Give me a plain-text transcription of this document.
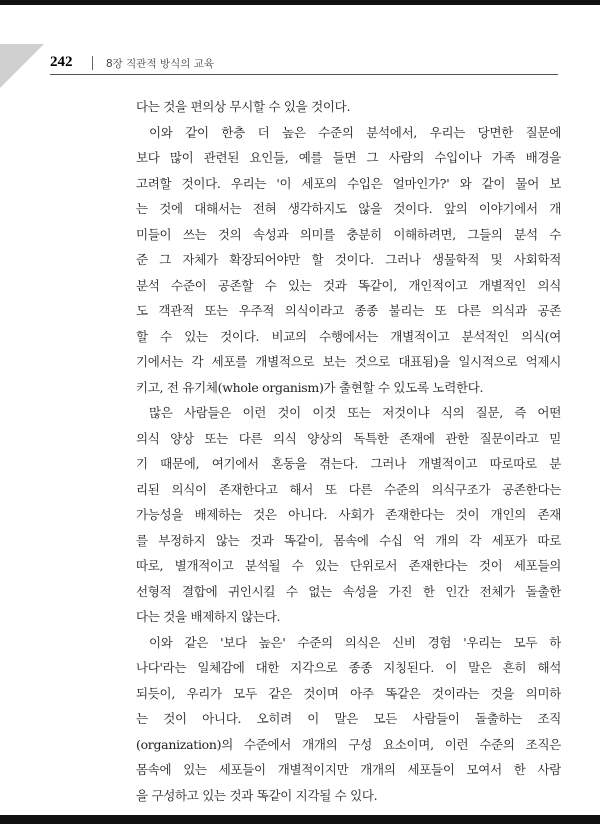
242	8장 직관적 방식의 교육
다는 것을 편의상 무시할 수 있을 것이다.
이와 같이 한층 더 높은 수준의 분석에서, 우리는 당면한 질문에
보다 많이 관련된 요인들, 예를 들면 그 사람의 수입이나 가족 배경을
고려할 것이다. 우리는 '이 세포의 수입은 얼마인가?' 와 같이 물어 보
는 것에 대해서는 전혀 생각하지도 않을 것이다. 앞의 이야기에서 개
미들이 쓰는 것의 속성과 의미를 충분히 이해하려면, 그들의 분석 수
준 그 자체가 확장되어야만 할 것이다. 그러나 생물학적 및 사회학적
분석 수준이 공존할 수 있는 것과 똑같이, 개인적이고 개별적인 의식
도 객관적 또는 우주적 의식이라고 종종 불리는 또 다른 의식과 공존
할 수 있는 것이다. 비교의 수행에서는 개별적이고 분석적인 의식(여
기에서는 각 세포를 개별적으로 보는 것으로 대표됨)을 일시적으로 억제시
키고, 전 유기체(whole organism)가 출현할 수 있도록 노력한다.
많은 사람들은 이런 것이 이것 또는 저것이냐 식의 질문, 즉 어떤
의식 양상 또는 다른 의식 양상의 독특한 존재에 관한 질문이라고 믿
기 때문에, 여기에서 혼동을 겪는다. 그러나 개별적이고 따로따로 분
리된 의식이 존재한다고 해서 또 다른 수준의 의식구조가 공존한다는
가능성을 배제하는 것은 아니다. 사회가 존재한다는 것이 개인의 존재
를 부정하지 않는 것과 똑같이, 몸속에 수십 억 개의 각 세포가 따로
따로, 별개적이고 분석될 수 있는 단위로서 존재한다는 것이 세포들의
선형적 결합에 귀인시킬 수 없는 속성을 가진 한 인간 전체가 돌출한
다는 것을 배제하지 않는다.
이와 같은 '보다 높은' 수준의 의식은 신비 경험 '우리는 모두 하
나다'라는 일체감에 대한 지각으로 종종 지칭된다. 이 말은 흔히 해석
되듯이, 우리가 모두 같은 것이며 아주 똑같은 것이라는 것을 의미하
는 것이 아니다. 오히려 이 말은 모든 사람들이 돌출하는 조직
(organization)의 수준에서 개개의 구성 요소이며, 이런 수준의 조직은
몸속에 있는 세포들이 개별적이지만 개개의 세포들이 모여서 한 사람
을 구성하고 있는 것과 똑같이 지각될 수 있다.
